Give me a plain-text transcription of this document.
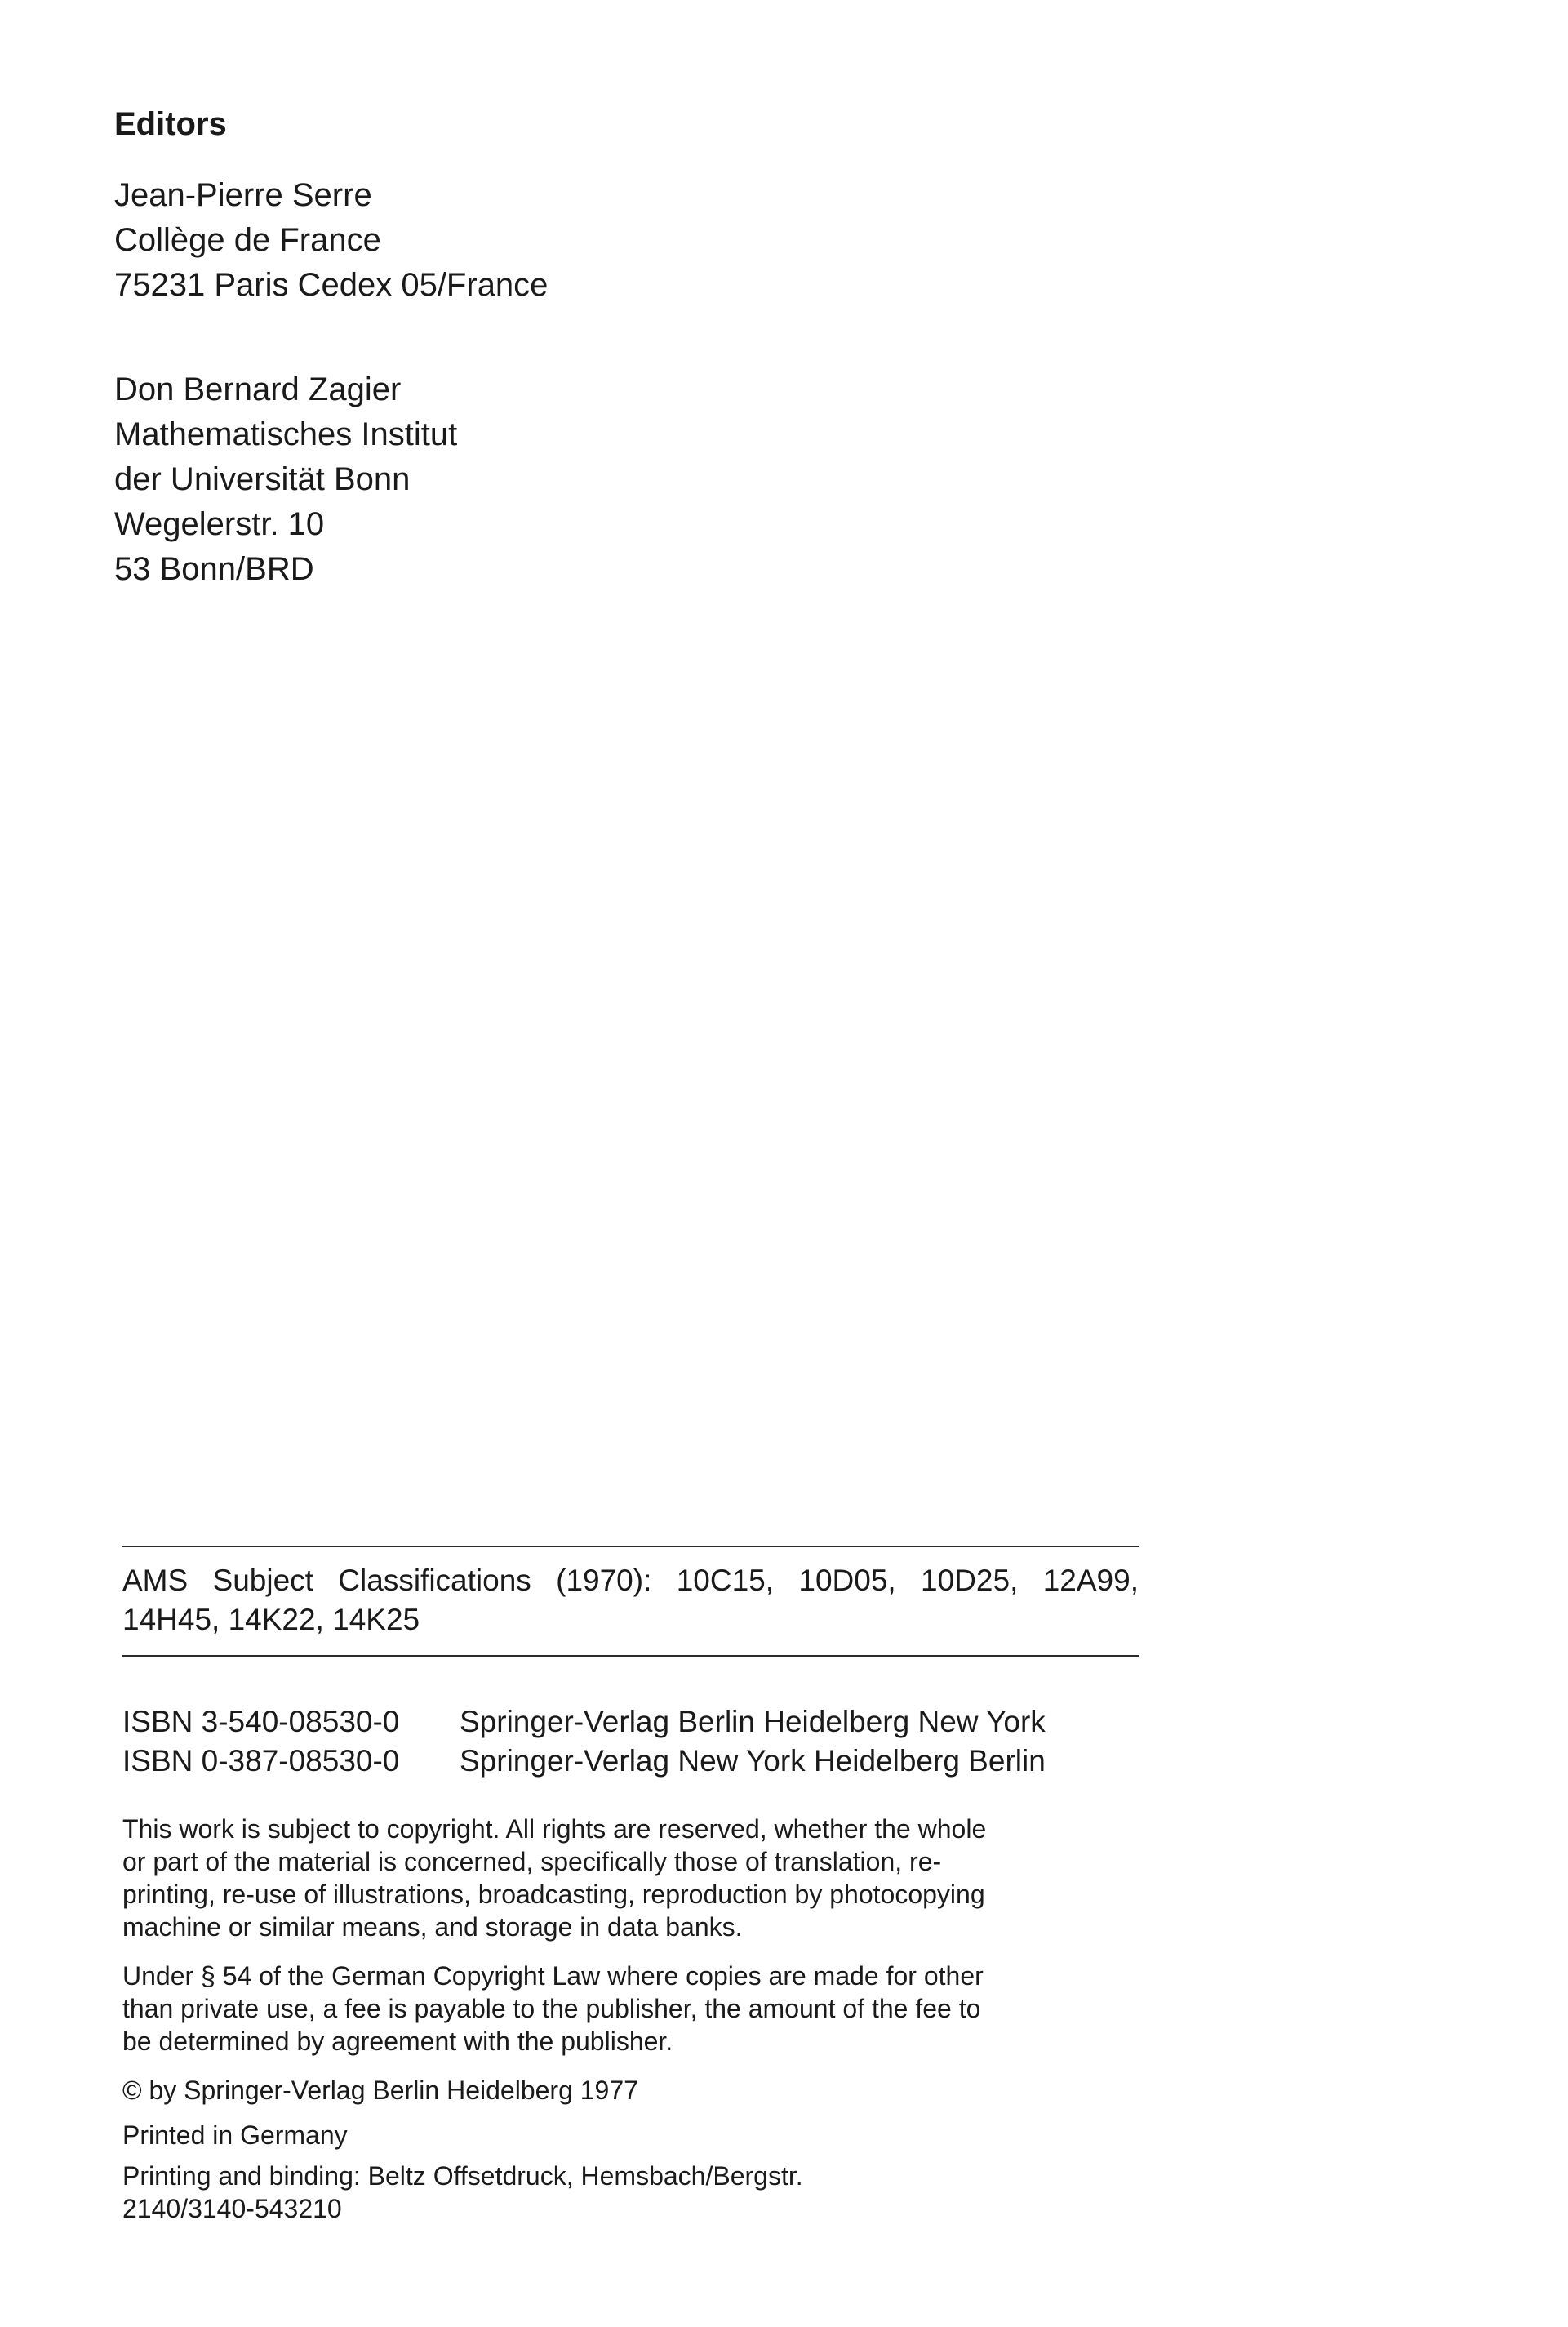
Editors

Jean-Pierre Serre
Collège de France
75231 Paris Cedex 05/France

Don Bernard Zagier
Mathematisches Institut
der Universität Bonn
Wegelerstr. 10
53 Bonn/BRD

AMS Subject Classifications (1970): 10C15, 10D05, 10D25, 12A99,
14H45, 14K22, 14K25
ISBN 3-540-08530-0	Springer-Verlag Berlin Heidelberg New York
ISBN 0-387-08530-0	Springer-Verlag New York Heidelberg Berlin

This work is subject to copyright. All rights are reserved, whether the whole
or part of the material is concerned, specifically those of translation, re-
printing, re-use of illustrations, broadcasting, reproduction by photocopying
machine or similar means, and storage in data banks.

Under § 54 of the German Copyright Law where copies are made for other
than private use, a fee is payable to the publisher, the amount of the fee to
be determined by agreement with the publisher.

© by Springer-Verlag Berlin Heidelberg 1977
Printed in Germany
Printing and binding: Beltz Offsetdruck, Hemsbach/Bergstr.
2140/3140-543210
